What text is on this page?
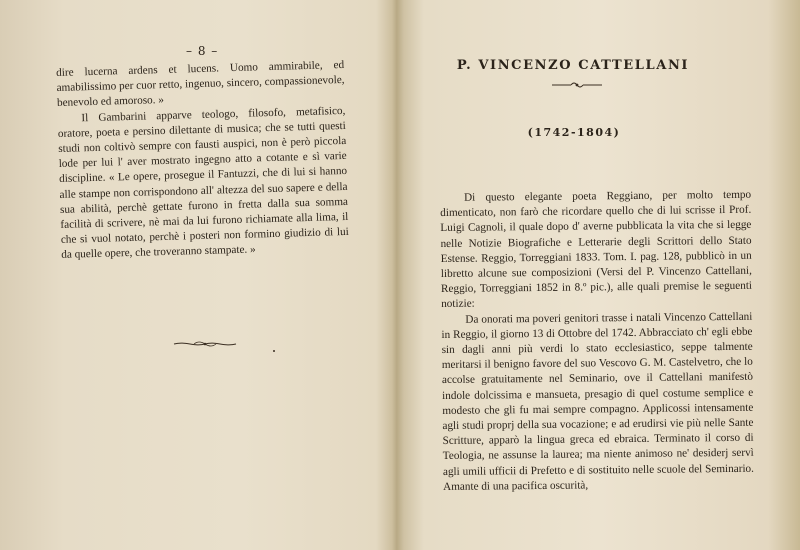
– 8 –

dire lucerna ardens et lucens. Uomo ammirabile, ed amabilissimo per cuor retto, ingenuo, sincero, compassionevole, benevolo ed amoroso. »

Il Gambarini apparve teologo, filosofo, metafisico, oratore, poeta e persino dilettante di musica; che se tutti questi studi non coltivò sempre con fausti auspici, non è però piccola lode per lui l' aver mostrato ingegno atto a cotante e sì varie discipline. « Le opere, prosegue il Fantuzzi, che di lui si hanno alle stampe non corrispondono all' altezza del suo sapere e della sua abilità, perchè gettate furono in fretta dalla sua somma facilità di scrivere, nè mai da lui furono richiamate alla lima, il che si vuol notato, perchè i posteri non formino giudizio di lui da quelle opere, che troveranno stampate. »

P. VINCENZO CATTELLANI
(1742-1804)

Di questo elegante poeta Reggiano, per molto tempo dimenticato, non farò che ricordare quello che di lui scrisse il Prof. Luigi Cagnoli, il quale dopo d' averne pubblicata la vita che si legge nelle Notizie Biografiche e Letterarie degli Scrittori dello Stato Estense. Reggio, Torreggiani 1833. Tom. I. pag. 128, pubblicò in un libretto alcune sue composizioni (Versi del P. Vincenzo Cattellani, Reggio, Torreggiani 1852 in 8.º pic.), alle quali premise le seguenti notizie:

Da onorati ma poveri genitori trasse i natali Vincenzo Cattellani in Reggio, il giorno 13 di Ottobre del 1742. Abbracciato ch' egli ebbe sin dagli anni più verdi lo stato ecclesiastico, seppe talmente meritarsi il benigno favore del suo Vescovo G. M. Castelvetro, che lo accolse gratuitamente nel Seminario, ove il Cattellani manifestò indole dolcissima e mansueta, presagio di quel costume semplice e modesto che gli fu mai sempre compagno. Applicossi intensamente agli studi proprj della sua vocazione; e ad erudirsi vie più nelle Sante Scritture, apparò la lingua greca ed ebraica. Terminato il corso di Teologia, ne assunse la laurea; ma niente animoso ne' desiderj servì agli umili ufficii di Prefetto e di sostituito nelle scuole del Seminario. Amante di una pacifica oscurità,
